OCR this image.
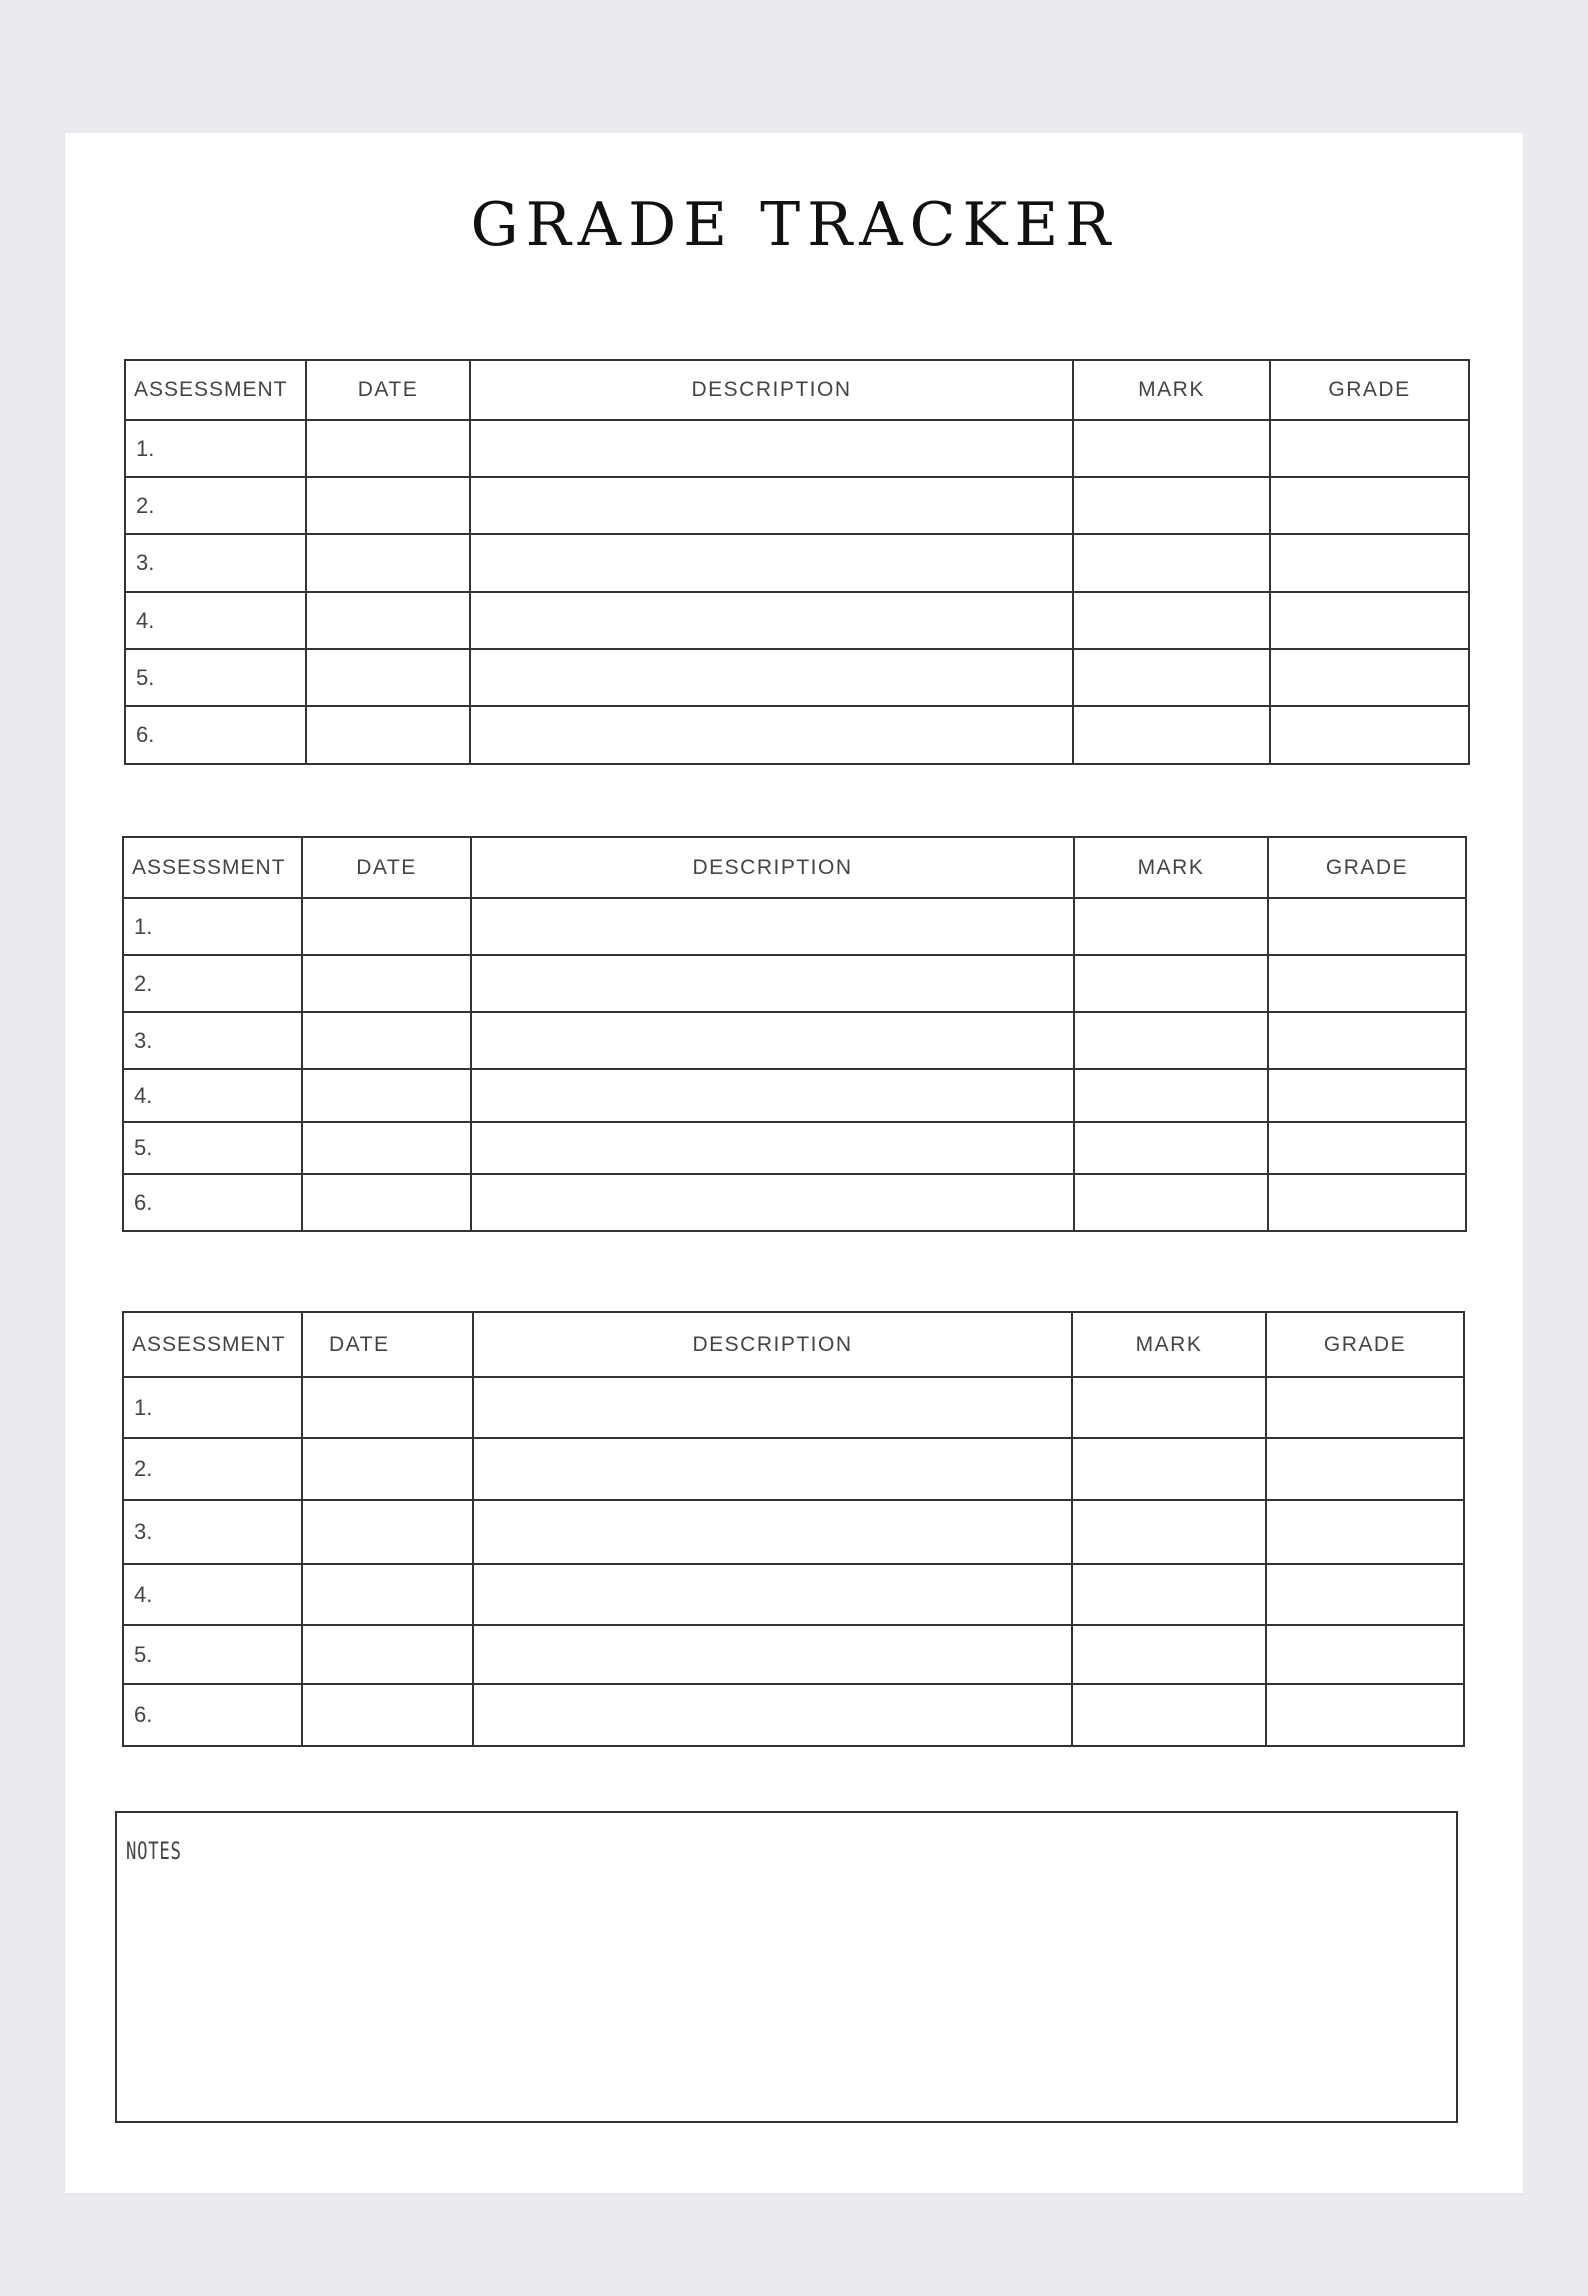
GRADE TRACKER
ASSESSMENT	DATE	DESCRIPTION	MARK	GRADE
1.				
2.				
3.				
4.				
5.				
6.				
ASSESSMENT	DATE	DESCRIPTION	MARK	GRADE
1.				
2.				
3.				
4.				
5.				
6.				
ASSESSMENT	DATE	DESCRIPTION	MARK	GRADE
1.				
2.				
3.				
4.				
5.				
6.				
NOTES
